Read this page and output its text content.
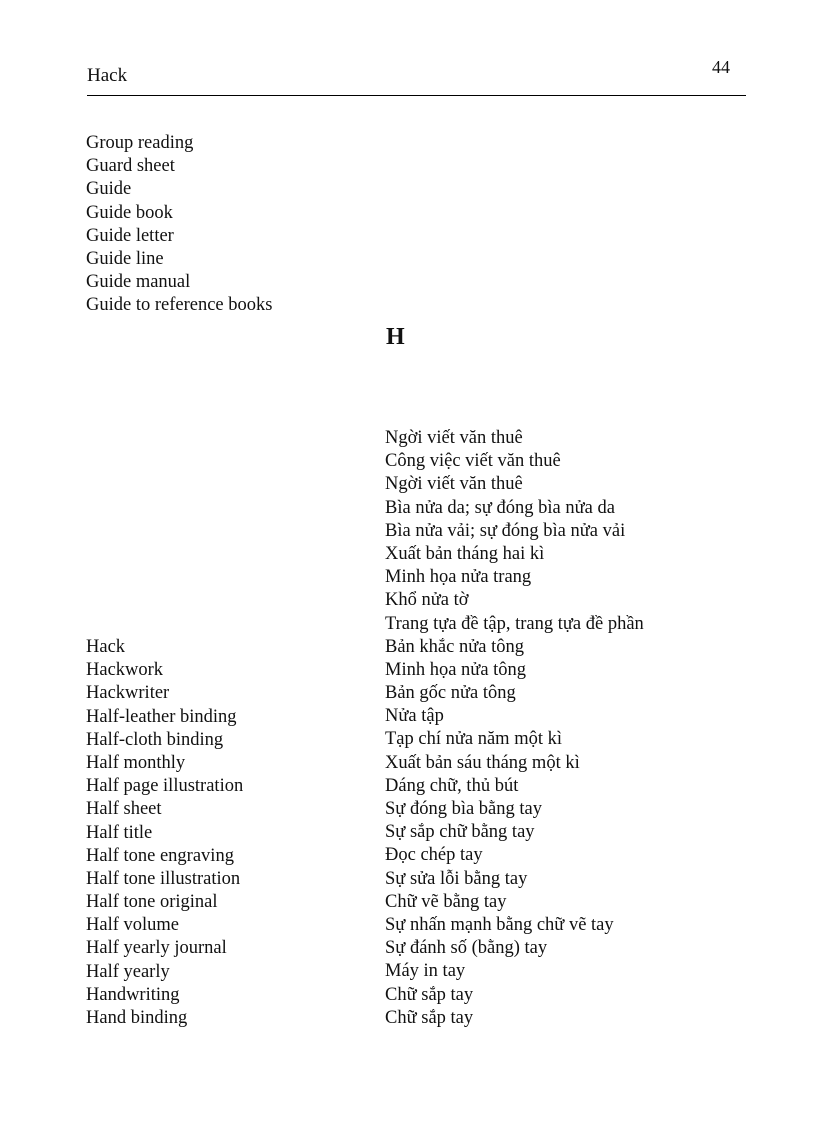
Hack	44
Group reading
Guard sheet
Guide
Guide book
Guide letter
Guide line
Guide manual
Guide to reference books
H
Ngời viết văn thuê
Công việc viết văn thuê
Ngời viết văn thuê
Bìa nửa da; sự đóng bìa nửa da
Bìa nửa vải; sự đóng bìa nửa vải
Xuất bản tháng hai kì
Minh họa nửa trang
Khổ nửa tờ
Trang tựa đề tập, trang tựa đề phần
Bản khắc nửa tông
Minh họa nửa tông
Bản gốc nửa tông
Nửa tập
Tạp chí nửa năm một kì
Xuất bản sáu tháng một kì
Dáng chữ, thủ bút
Sự đóng bìa bằng tay
Sự sắp chữ bằng tay
Đọc chép tay
Sự sửa lỗi bằng tay
Chữ vẽ bằng tay
Sự nhấn mạnh bằng chữ vẽ tay
Sự đánh số (bằng) tay
Máy in tay
Chữ sắp tay
Chữ sắp tay
Hack
Hackwork
Hackwriter
Half-leather binding
Half-cloth binding
Half monthly
Half page illustration
Half sheet
Half title
Half tone engraving
Half tone illustration
Half tone original
Half volume
Half yearly journal
Half yearly
Handwriting
Hand binding
